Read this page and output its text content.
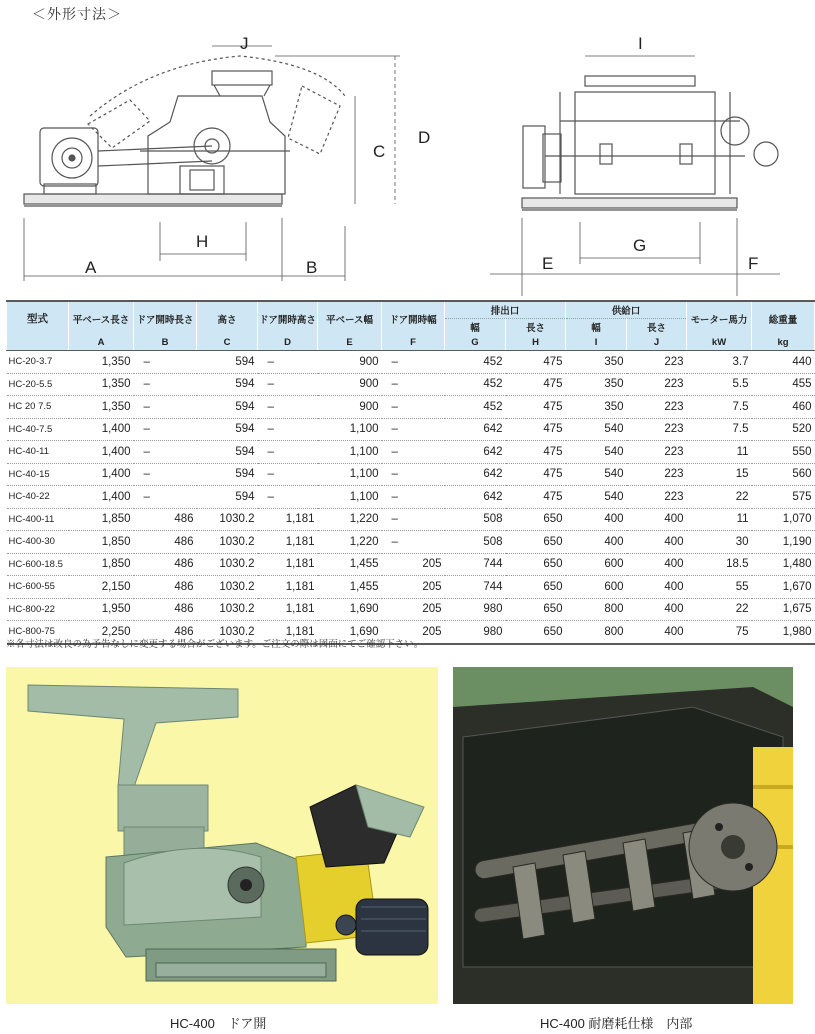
＜外形寸法＞
A	B
C
D
E	F
G
H
I
J
型式	平ベース長さ	ドア開時長さ	高さ	ドア開時高さ	平ベース幅	ドア開時幅	排出口		供給口		モーター馬力	総重量
							幅	長さ	幅	長さ		
	A	B	C	D	E	F	G	H	I	J	kW	kg
HC-20-3.7	1,350	–	594	–	900	–	452	475	350	223	3.7	440
HC-20-5.5	1,350	–	594	–	900	–	452	475	350	223	5.5	455
HC 20 7.5	1,350	–	594	–	900	–	452	475	350	223	7.5	460
HC-40-7.5	1,400	–	594	–	1,100	–	642	475	540	223	7.5	520
HC-40-11	1,400	–	594	–	1,100	–	642	475	540	223	11	550
HC-40-15	1,400	–	594	–	1,100	–	642	475	540	223	15	560
HC-40-22	1,400	–	594	–	1,100	–	642	475	540	223	22	575
HC-400-11	1,850	486	1030.2	1,181	1,220	–	508	650	400	400	11	1,070
HC-400-30	1,850	486	1030.2	1,181	1,220	–	508	650	400	400	30	1,190
HC-600-18.5	1,850	486	1030.2	1,181	1,455	205	744	650	600	400	18.5	1,480
HC-600-55	2,150	486	1030.2	1,181	1,455	205	744	650	600	400	55	1,670
HC-800-22	1,950	486	1030.2	1,181	1,690	205	980	650	800	400	22	1,675
HC-800-75	2,250	486	1030.2	1,181	1,690	205	980	650	800	400	75	1,980
※各寸法は改良の為予告なしに変更する場合がございます。ご注文の際は図面にてご確認下さい。
HC-400　ドア開	HC-400 耐磨耗仕様　内部
